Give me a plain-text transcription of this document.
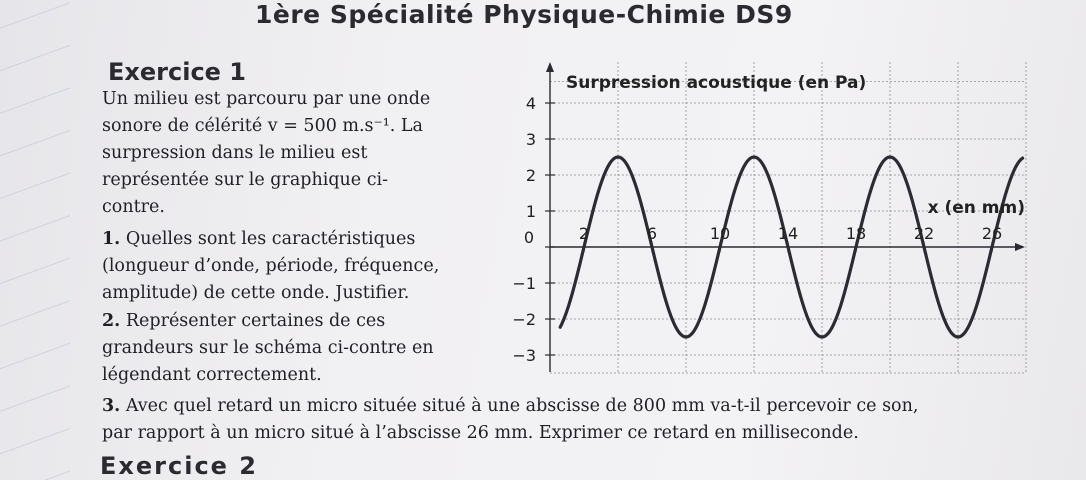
1ère Spécialité Physique-Chimie DS9
Exercice 1
Un milieu est parcouru par une onde
sonore de célérité v = 500 m.s⁻¹. La
surpression dans le milieu est
représentée sur le graphique ci-
contre.
1. Quelles sont les caractéristiques
(longueur d’onde, période, fréquence,
amplitude) de cette onde. Justifier.
2. Représenter certaines de ces
grandeurs sur le schéma ci-contre en
légendant correctement.
3. Avec quel retard un micro située situé à une abscisse de 800 mm va-t-il percevoir ce son,
par rapport à un micro situé à l’abscisse 26 mm. Exprimer ce retard en milliseconde.
Exercice 2
4
3
2
1
0
−1
−2
−3
2	6	10	14	18	22	26
Surpression acoustique (en Pa)
x (en mm)
